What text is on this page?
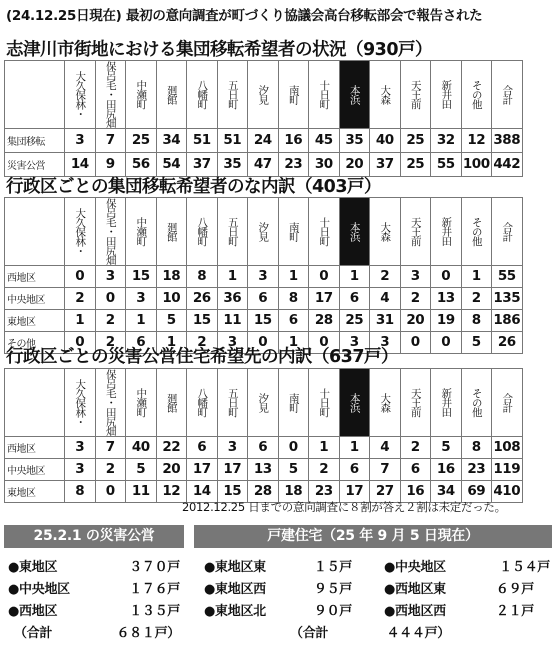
(24.12.25日現在) 最初の意向調査が町づくり協議会高台移転部会で報告された
志津川市街地における集団移転希望者の状況（930戸）
	大久保林・	保呂毛・田尻畑	中瀬町	廻館	八幡町	五日町	汐見	南町	十日町	本浜	大森	天王前	新井田	その他	合計
集団移転	3	7	25	34	51	51	24	16	45	35	40	25	32	12	388
災害公営	14	9	56	54	37	35	47	23	30	20	37	25	55	100	442
行政区ごとの集団移転希望者のな内訳（403戸）
	大久保林・	保呂毛・田尻畑	中瀬町	廻館	八幡町	五日町	汐見	南町	十日町	本浜	大森	天王前	新井田	その他	合計
西地区	0	3	15	18	8	1	3	1	0	1	2	3	0	1	55
中央地区	2	0	3	10	26	36	6	8	17	6	4	2	13	2	135
東地区	1	2	1	5	15	11	15	6	28	25	31	20	19	8	186
その他	0	2	6	1	2	3	0	1	0	3	3	0	0	5	26
行政区ごとの災害公営住宅希望先の内訳（637戸）
	大久保林・	保呂毛・田尻畑	中瀬町	廻館	八幡町	五日町	汐見	南町	十日町	本浜	大森	天王前	新井田	その他	合計
西地区	3	7	40	22	6	3	6	0	1	1	4	2	5	8	108
中央地区	3	2	5	20	17	17	13	5	2	6	7	6	16	23	119
東地区	8	0	11	12	14	15	28	18	23	17	27	16	34	69	410
2012.12.25 日までの意向調査に８割が答え２割は未定だった。
25.2.1 の災害公営
●東地区	３７０戸
●中央地区	１７６戸
●西地区	１３５戸
（合計	６８１戸）
戸建住宅（25 年 9 月 5 日現在）
●東地区東	１５戸
●東地区西	９５戸
●東地区北	９０戸
●中央地区	１５４戸
●西地区東	６９戸
●西地区西	２１戸
（合計	４４４戸）
